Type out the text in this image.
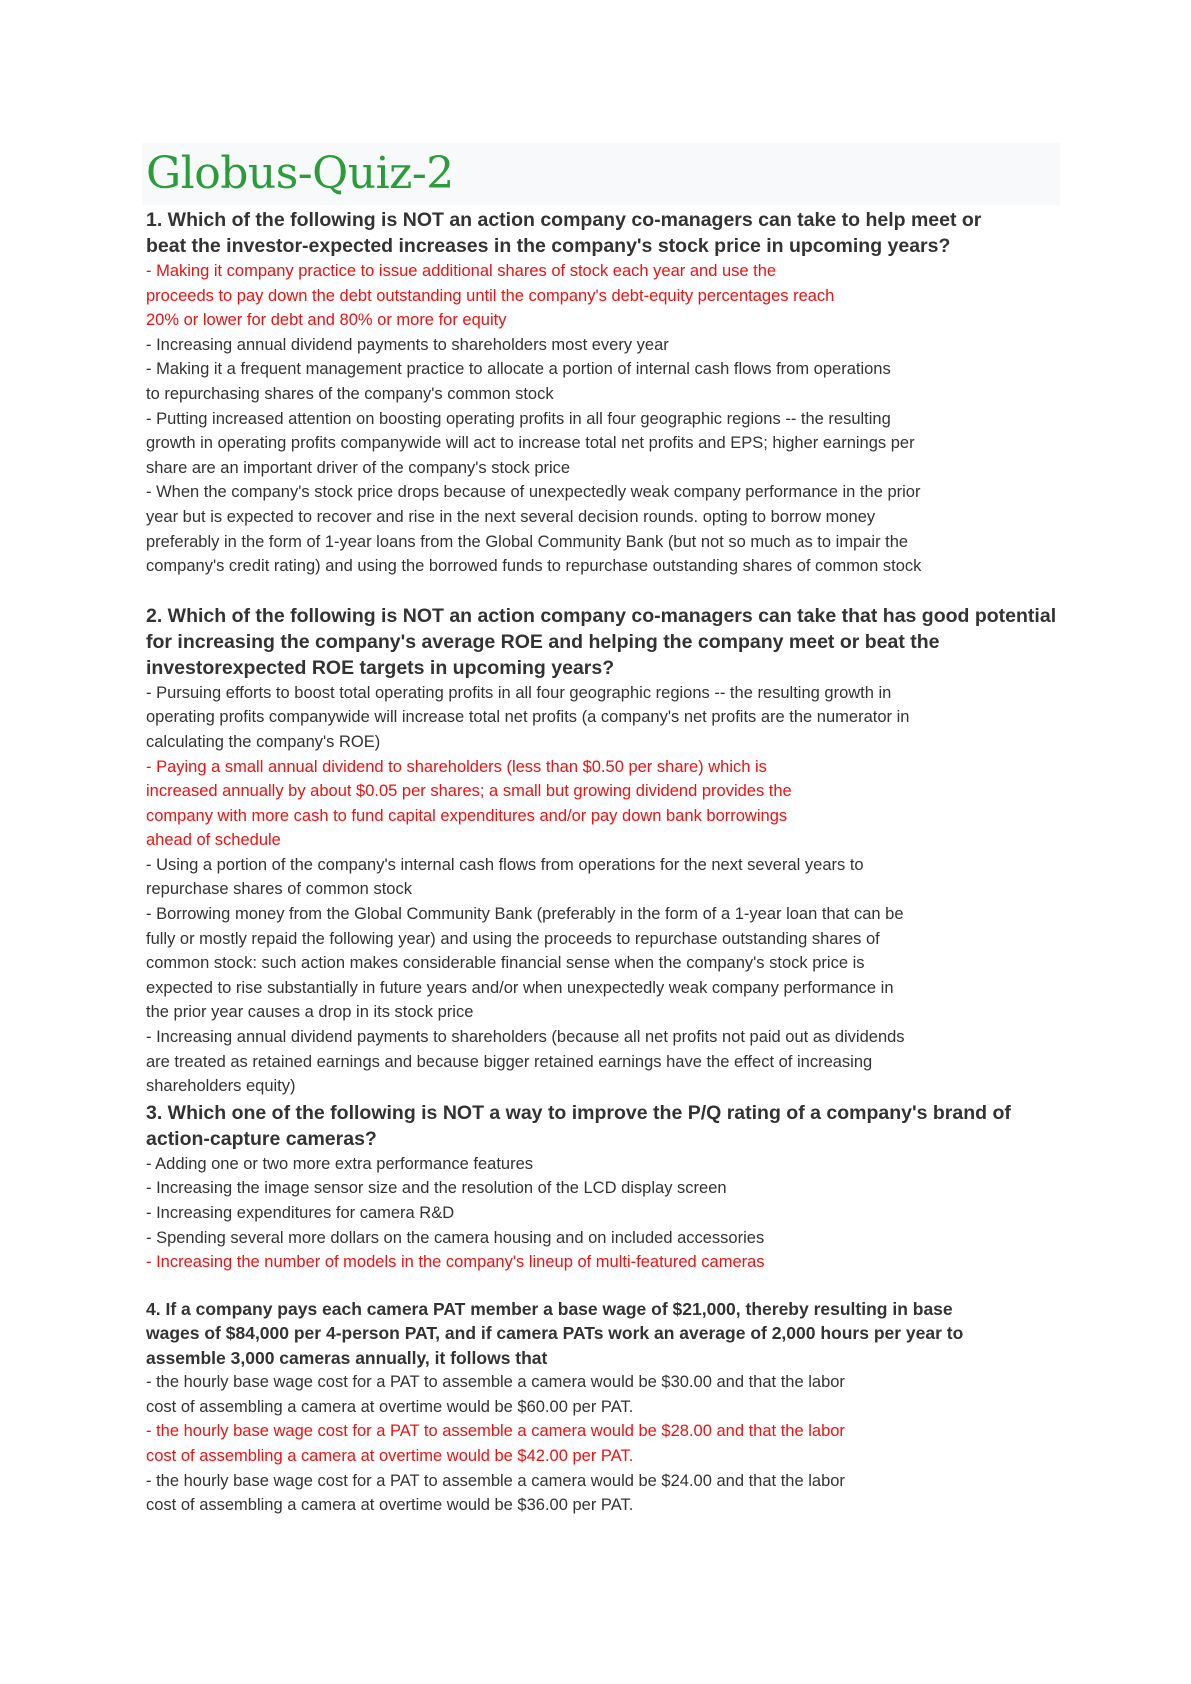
Globus-Quiz-2
1. Which of the following is NOT an action company co-managers can take to help meet or beat the investor-expected increases in the company's stock price in upcoming years?
- Making it company practice to issue additional shares of stock each year and use the proceeds to pay down the debt outstanding until the company's debt-equity percentages reach 20% or lower for debt and 80% or more for equity
- Increasing annual dividend payments to shareholders most every year
- Making it a frequent management practice to allocate a portion of internal cash flows from operations to repurchasing shares of the company's common stock
- Putting increased attention on boosting operating profits in all four geographic regions -- the resulting growth in operating profits companywide will act to increase total net profits and EPS; higher earnings per share are an important driver of the company's stock price
- When the company's stock price drops because of unexpectedly weak company performance in the prior year but is expected to recover and rise in the next several decision rounds. opting to borrow money preferably in the form of 1-year loans from the Global Community Bank (but not so much as to impair the company's credit rating) and using the borrowed funds to repurchase outstanding shares of common stock
2. Which of the following is NOT an action company co-managers can take that has good potential for increasing the company's average ROE and helping the company meet or beat the investorexpected ROE targets in upcoming years?
- Pursuing efforts to boost total operating profits in all four geographic regions -- the resulting growth in operating profits companywide will increase total net profits (a company's net profits are the numerator in calculating the company's ROE)
- Paying a small annual dividend to shareholders (less than $0.50 per share) which is increased annually by about $0.05 per shares; a small but growing dividend provides the company with more cash to fund capital expenditures and/or pay down bank borrowings ahead of schedule
- Using a portion of the company's internal cash flows from operations for the next several years to repurchase shares of common stock
- Borrowing money from the Global Community Bank (preferably in the form of a 1-year loan that can be fully or mostly repaid the following year) and using the proceeds to repurchase outstanding shares of common stock: such action makes considerable financial sense when the company's stock price is expected to rise substantially in future years and/or when unexpectedly weak company performance in the prior year causes a drop in its stock price
- Increasing annual dividend payments to shareholders (because all net profits not paid out as dividends are treated as retained earnings and because bigger retained earnings have the effect of increasing shareholders equity)
3. Which one of the following is NOT a way to improve the P/Q rating of a company's brand of action-capture cameras?
- Adding one or two more extra performance features
- Increasing the image sensor size and the resolution of the LCD display screen
- Increasing expenditures for camera R&D
- Spending several more dollars on the camera housing and on included accessories
- Increasing the number of models in the company's lineup of multi-featured cameras
4. If a company pays each camera PAT member a base wage of $21,000, thereby resulting in base wages of $84,000 per 4-person PAT, and if camera PATs work an average of 2,000 hours per year to assemble 3,000 cameras annually, it follows that
- the hourly base wage cost for a PAT to assemble a camera would be $30.00 and that the labor cost of assembling a camera at overtime would be $60.00 per PAT.
- the hourly base wage cost for a PAT to assemble a camera would be $28.00 and that the labor cost of assembling a camera at overtime would be $42.00 per PAT.
- the hourly base wage cost for a PAT to assemble a camera would be $24.00 and that the labor cost of assembling a camera at overtime would be $36.00 per PAT.
